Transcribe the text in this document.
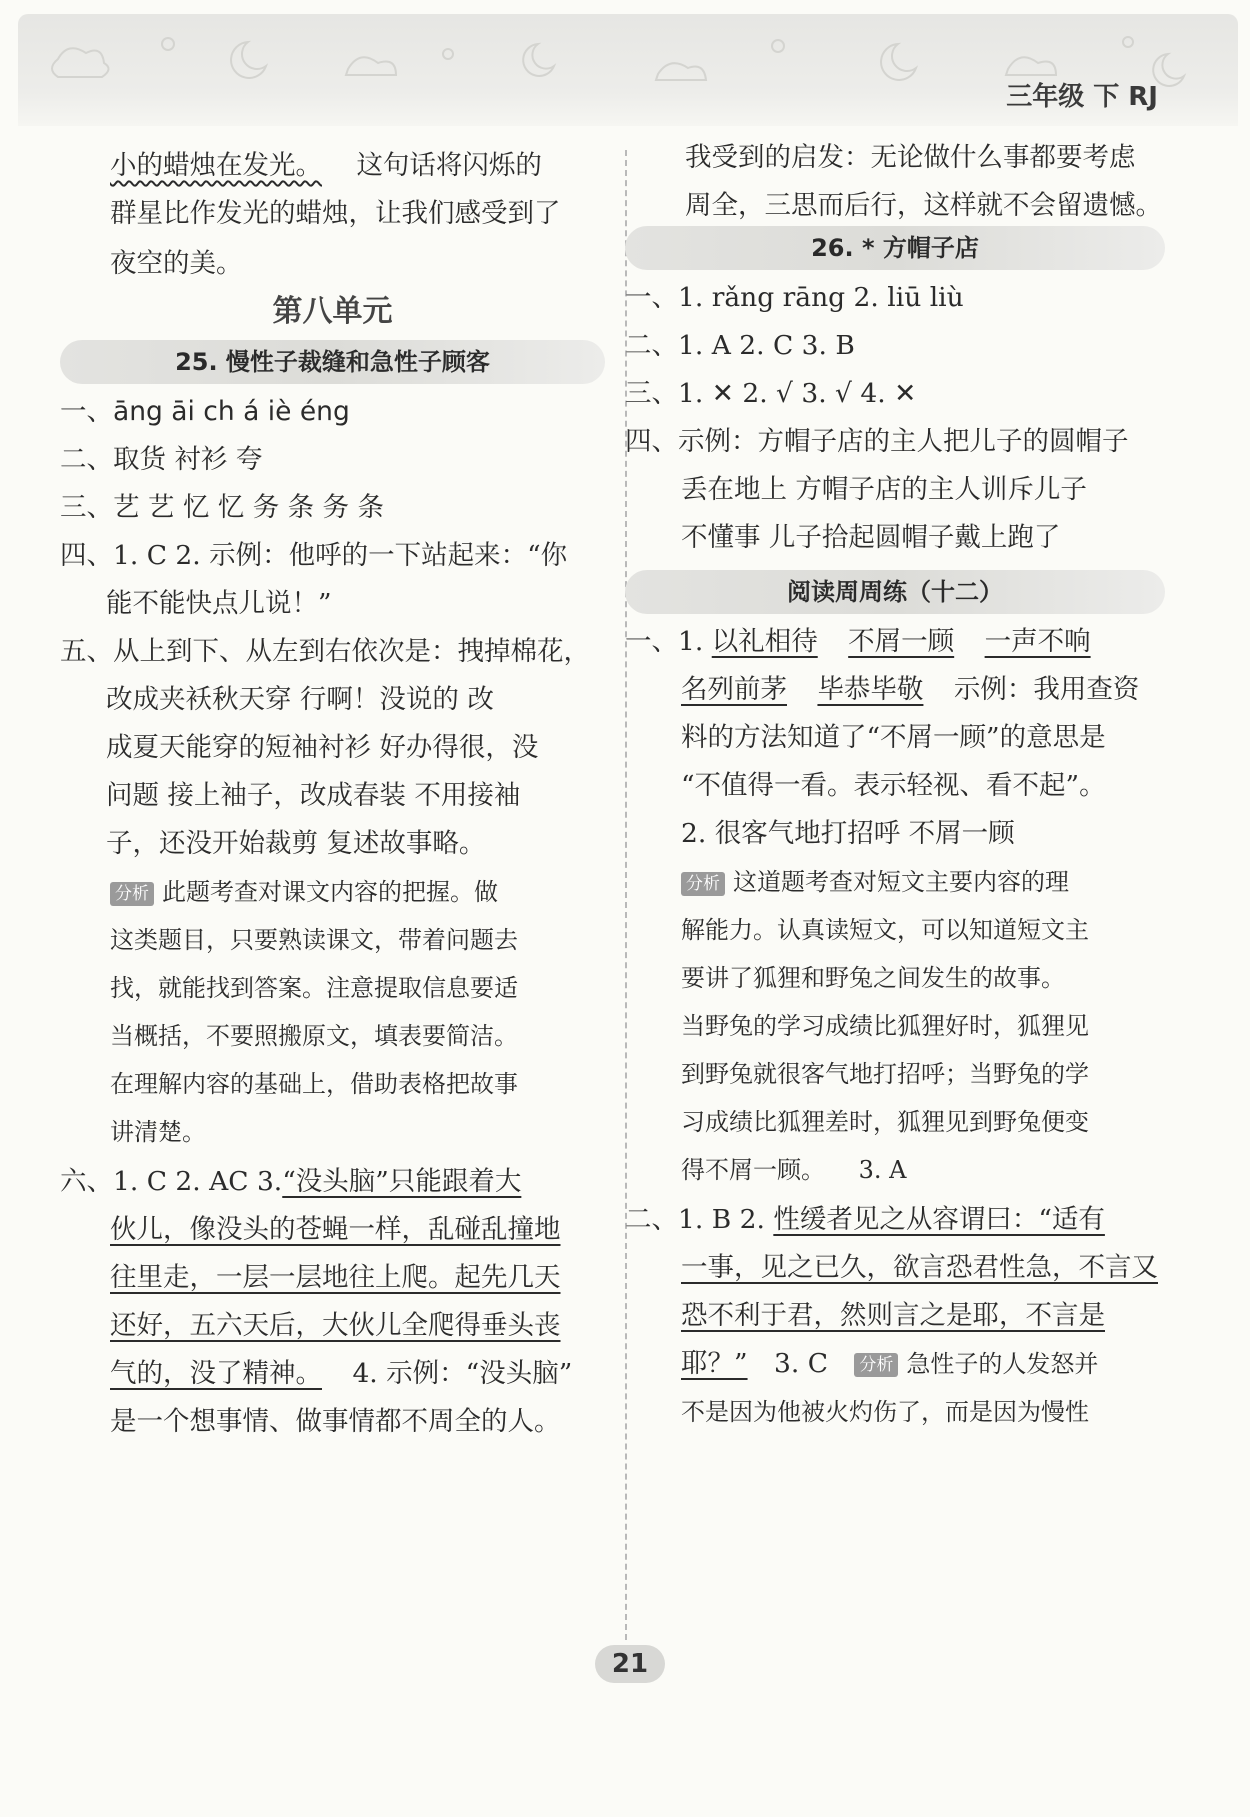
三年级 下 RJ
小的蜡烛在发光。 这句话将闪烁的
群星比作发光的蜡烛，让我们感受到了
夜空的美。
第八单元
25. 慢性子裁缝和急性子顾客
一、āng āi ch á iè éng
二、取货 衬衫 夸
三、艺 艺 忆 忆 务 条 务 条
四、1. C 2. 示例：他呼的一下站起来：“你
能不能快点儿说！”
五、从上到下、从左到右依次是：拽掉棉花，
改成夹袄秋天穿 行啊！没说的 改
成夏天能穿的短袖衬衫 好办得很，没
问题 接上袖子，改成春装 不用接袖
子，还没开始裁剪 复述故事略。
分析 此题考查对课文内容的把握。做
这类题目，只要熟读课文，带着问题去
找，就能找到答案。注意提取信息要适
当概括，不要照搬原文，填表要简洁。
在理解内容的基础上，借助表格把故事
讲清楚。
六、1. C 2. AC 3.“没头脑”只能跟着大
伙儿，像没头的苍蝇一样，乱碰乱撞地
往里走，一层一层地往上爬。起先几天
还好，五六天后，大伙儿全爬得垂头丧
气的，没了精神。 4. 示例：“没头脑”
是一个想事情、做事情都不周全的人。
我受到的启发：无论做什么事都要考虑
周全，三思而后行，这样就不会留遗憾。
26. * 方帽子店
一、1. rǎng rāng 2. liū liù
二、1. A 2. C 3. B
三、1. ✕ 2. √ 3. √ 4. ✕
四、示例：方帽子店的主人把儿子的圆帽子
丢在地上 方帽子店的主人训斥儿子
不懂事 儿子拾起圆帽子戴上跑了
阅读周周练（十二）
一、1. 以礼相待 不屑一顾 一声不响
名列前茅 毕恭毕敬 示例：我用查资
料的方法知道了“不屑一顾”的意思是
“不值得一看。表示轻视、看不起”。
2. 很客气地打招呼 不屑一顾
分析 这道题考查对短文主要内容的理
解能力。认真读短文，可以知道短文主
要讲了狐狸和野兔之间发生的故事。
当野兔的学习成绩比狐狸好时，狐狸见
到野兔就很客气地打招呼；当野兔的学
习成绩比狐狸差时，狐狸见到野兔便变
得不屑一顾。 3. A
二、1. B 2. 性缓者见之从容谓曰：“适有
一事，见之已久，欲言恐君性急，不言又
恐不利于君，然则言之是耶，不言是
耶？” 3. C 分析 急性子的人发怒并
不是因为他被火灼伤了，而是因为慢性
21
